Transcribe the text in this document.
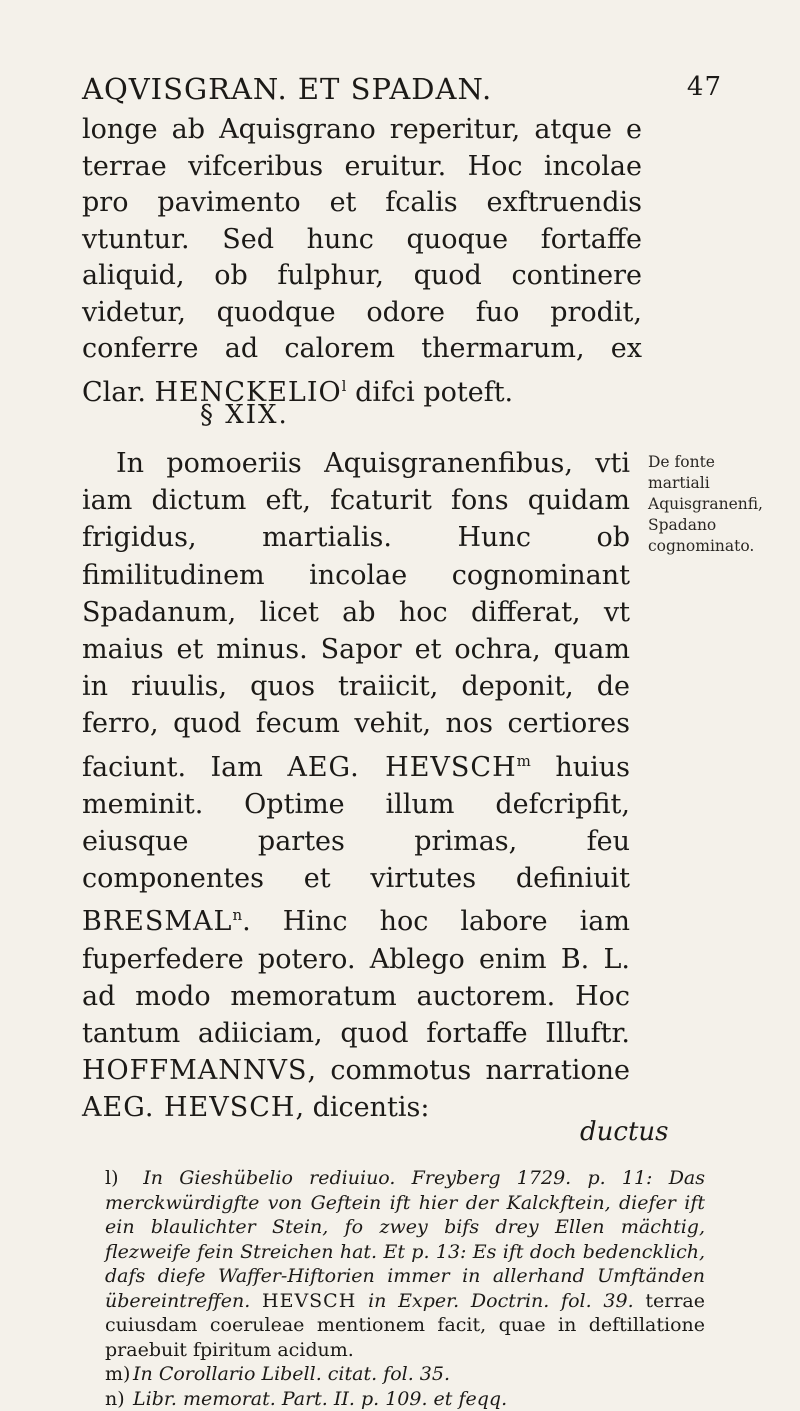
AQVISGRAN. ET SPADAN.	47

longe ab Aquisgrano reperitur, atque e terrae vifceribus eruitur. Hoc incolae pro pavimento et fcalis exftruendis vtuntur. Sed hunc quoque fortaffe aliquid, ob fulphur, quod continere videtur, quodque odore fuo prodit, conferre ad calorem thermarum, ex Clar. HENCKELIO$^l$ difci poteft.

§ XIX.

In pomoeriis Aquisgranenfibus, vti iam dictum eft, fcaturit fons quidam frigidus, martialis. Hunc ob fimilitudinem incolae cognominant Spadanum, licet ab hoc differat, vt maius et minus. Sapor et ochra, quam in riuulis, quos traiicit, deponit, de ferro, quod fecum vehit, nos certiores faciunt. Iam AEG. HEVSCH$^m$ huius meminit. Optime illum defcripfit, eiusque partes primas, feu componentes et virtutes definiuit BRESMAL$^n$. Hinc hoc labore iam fuperfedere potero. Ablego enim B. L. ad modo memoratum auctorem. Hoc tantum adiiciam, quod fortaffe Illuftr. HOFFMANNVS, commotus narratione AEG. HEVSCH, dicentis:

De fonte martiali Aquisgranenfi, Spadano cognominato.
ductus

l) In Gieshübelio rediuiuo. Freyberg 1729. p. 11: Das merckwürdigfte von Geftein ift hier der Kalckftein, diefer ift ein blaulichter Stein, fo zwey bifs drey Ellen mächtig, flezweife fein Streichen hat. Et p. 13: Es ift doch bedencklich, dafs diefe Waffer-Hiftorien immer in allerhand Umftänden übereintreffen. HEVSCH in Exper. Doctrin. fol. 39. terrae cuiusdam coeruleae mentionem facit, quae in deftillatione praebuit fpiritum acidum.

m) In Corollario Libell. citat. fol. 35.

n) Libr. memorat. Part. II. p. 109. et feqq.
